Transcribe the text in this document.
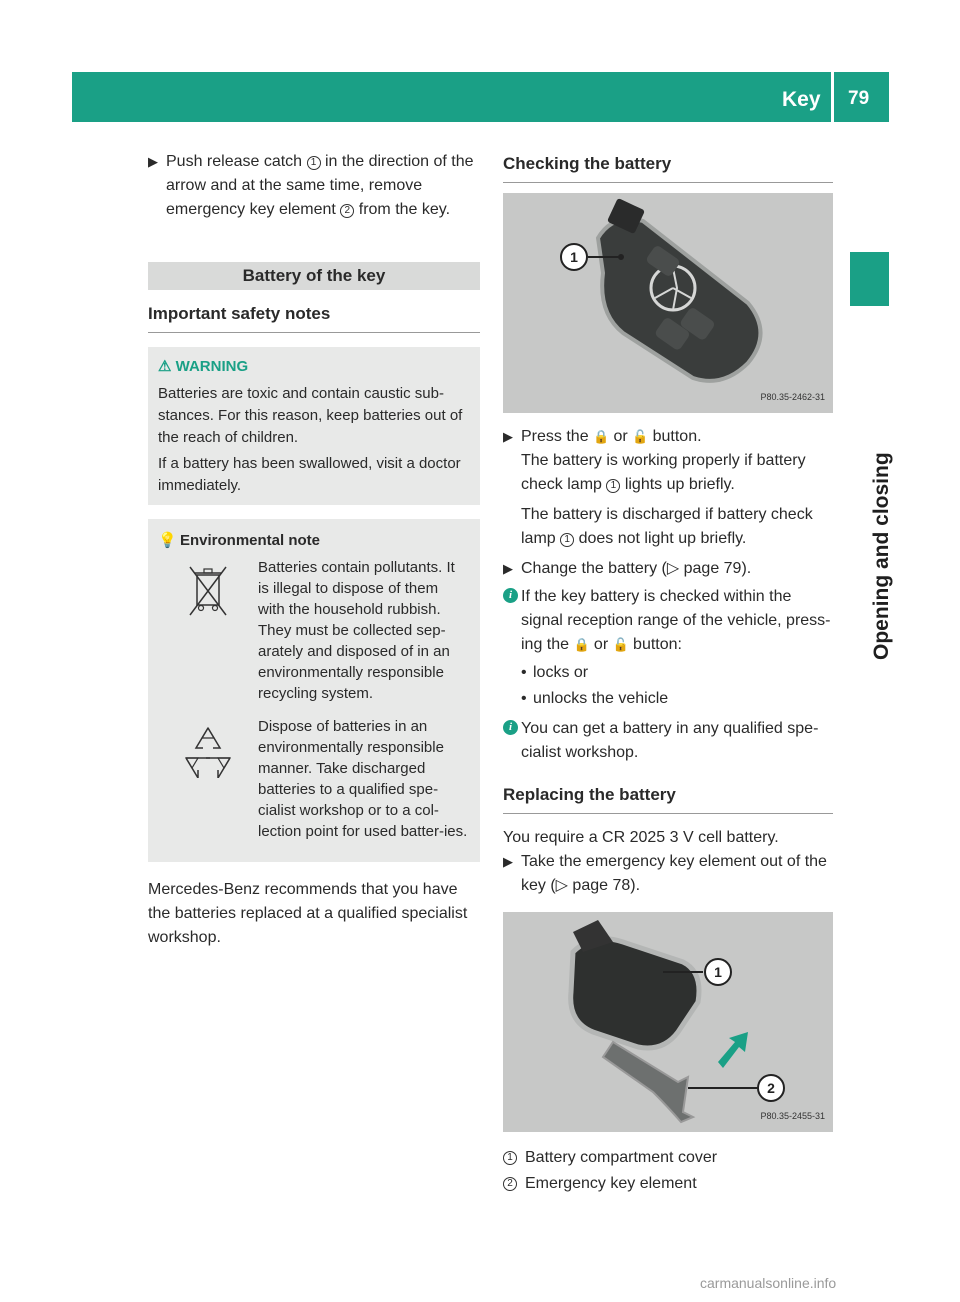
Key 79
Opening and closing
▶ Push release catch 1 in the direction of the arrow and at the same time, remove emergency key element 2 from the key.
Battery of the key
Important safety notes
⚠ WARNING

Batteries are toxic and contain caustic sub-stances. For this reason, keep batteries out of the reach of children.

If a battery has been swallowed, visit a doctor immediately.

💡 Environmental note
Batteries contain pollutants. It is illegal to dispose of them with the household rubbish. They must be collected sep-arately and disposed of in an environmentally responsible recycling system.
Dispose of batteries in an environmentally responsible manner. Take discharged batteries to a qualified spe-cialist workshop or to a col-lection point for used batter-ies.

Mercedes-Benz recommends that you have the batteries replaced at a qualified specialist workshop.

Checking the battery
1
P80.35-2462-31
▶ Press the 🔒 or 🔓 button.
The battery is working properly if battery check lamp 1 lights up briefly.
The battery is discharged if battery check lamp 1 does not light up briefly.
▶ Change the battery (▷ page 79).
i If the key battery is checked within the signal reception range of the vehicle, press-ing the 🔒 or 🔓 button:
• locks or
• unlocks the vehicle
i You can get a battery in any qualified spe-cialist workshop.
Replacing the battery

You require a CR 2025 3 V cell battery.

▶ Take the emergency key element out of the key (▷ page 78).
1
2
P80.35-2455-31
1 Battery compartment cover
2 Emergency key element
carmanualsonline.info
